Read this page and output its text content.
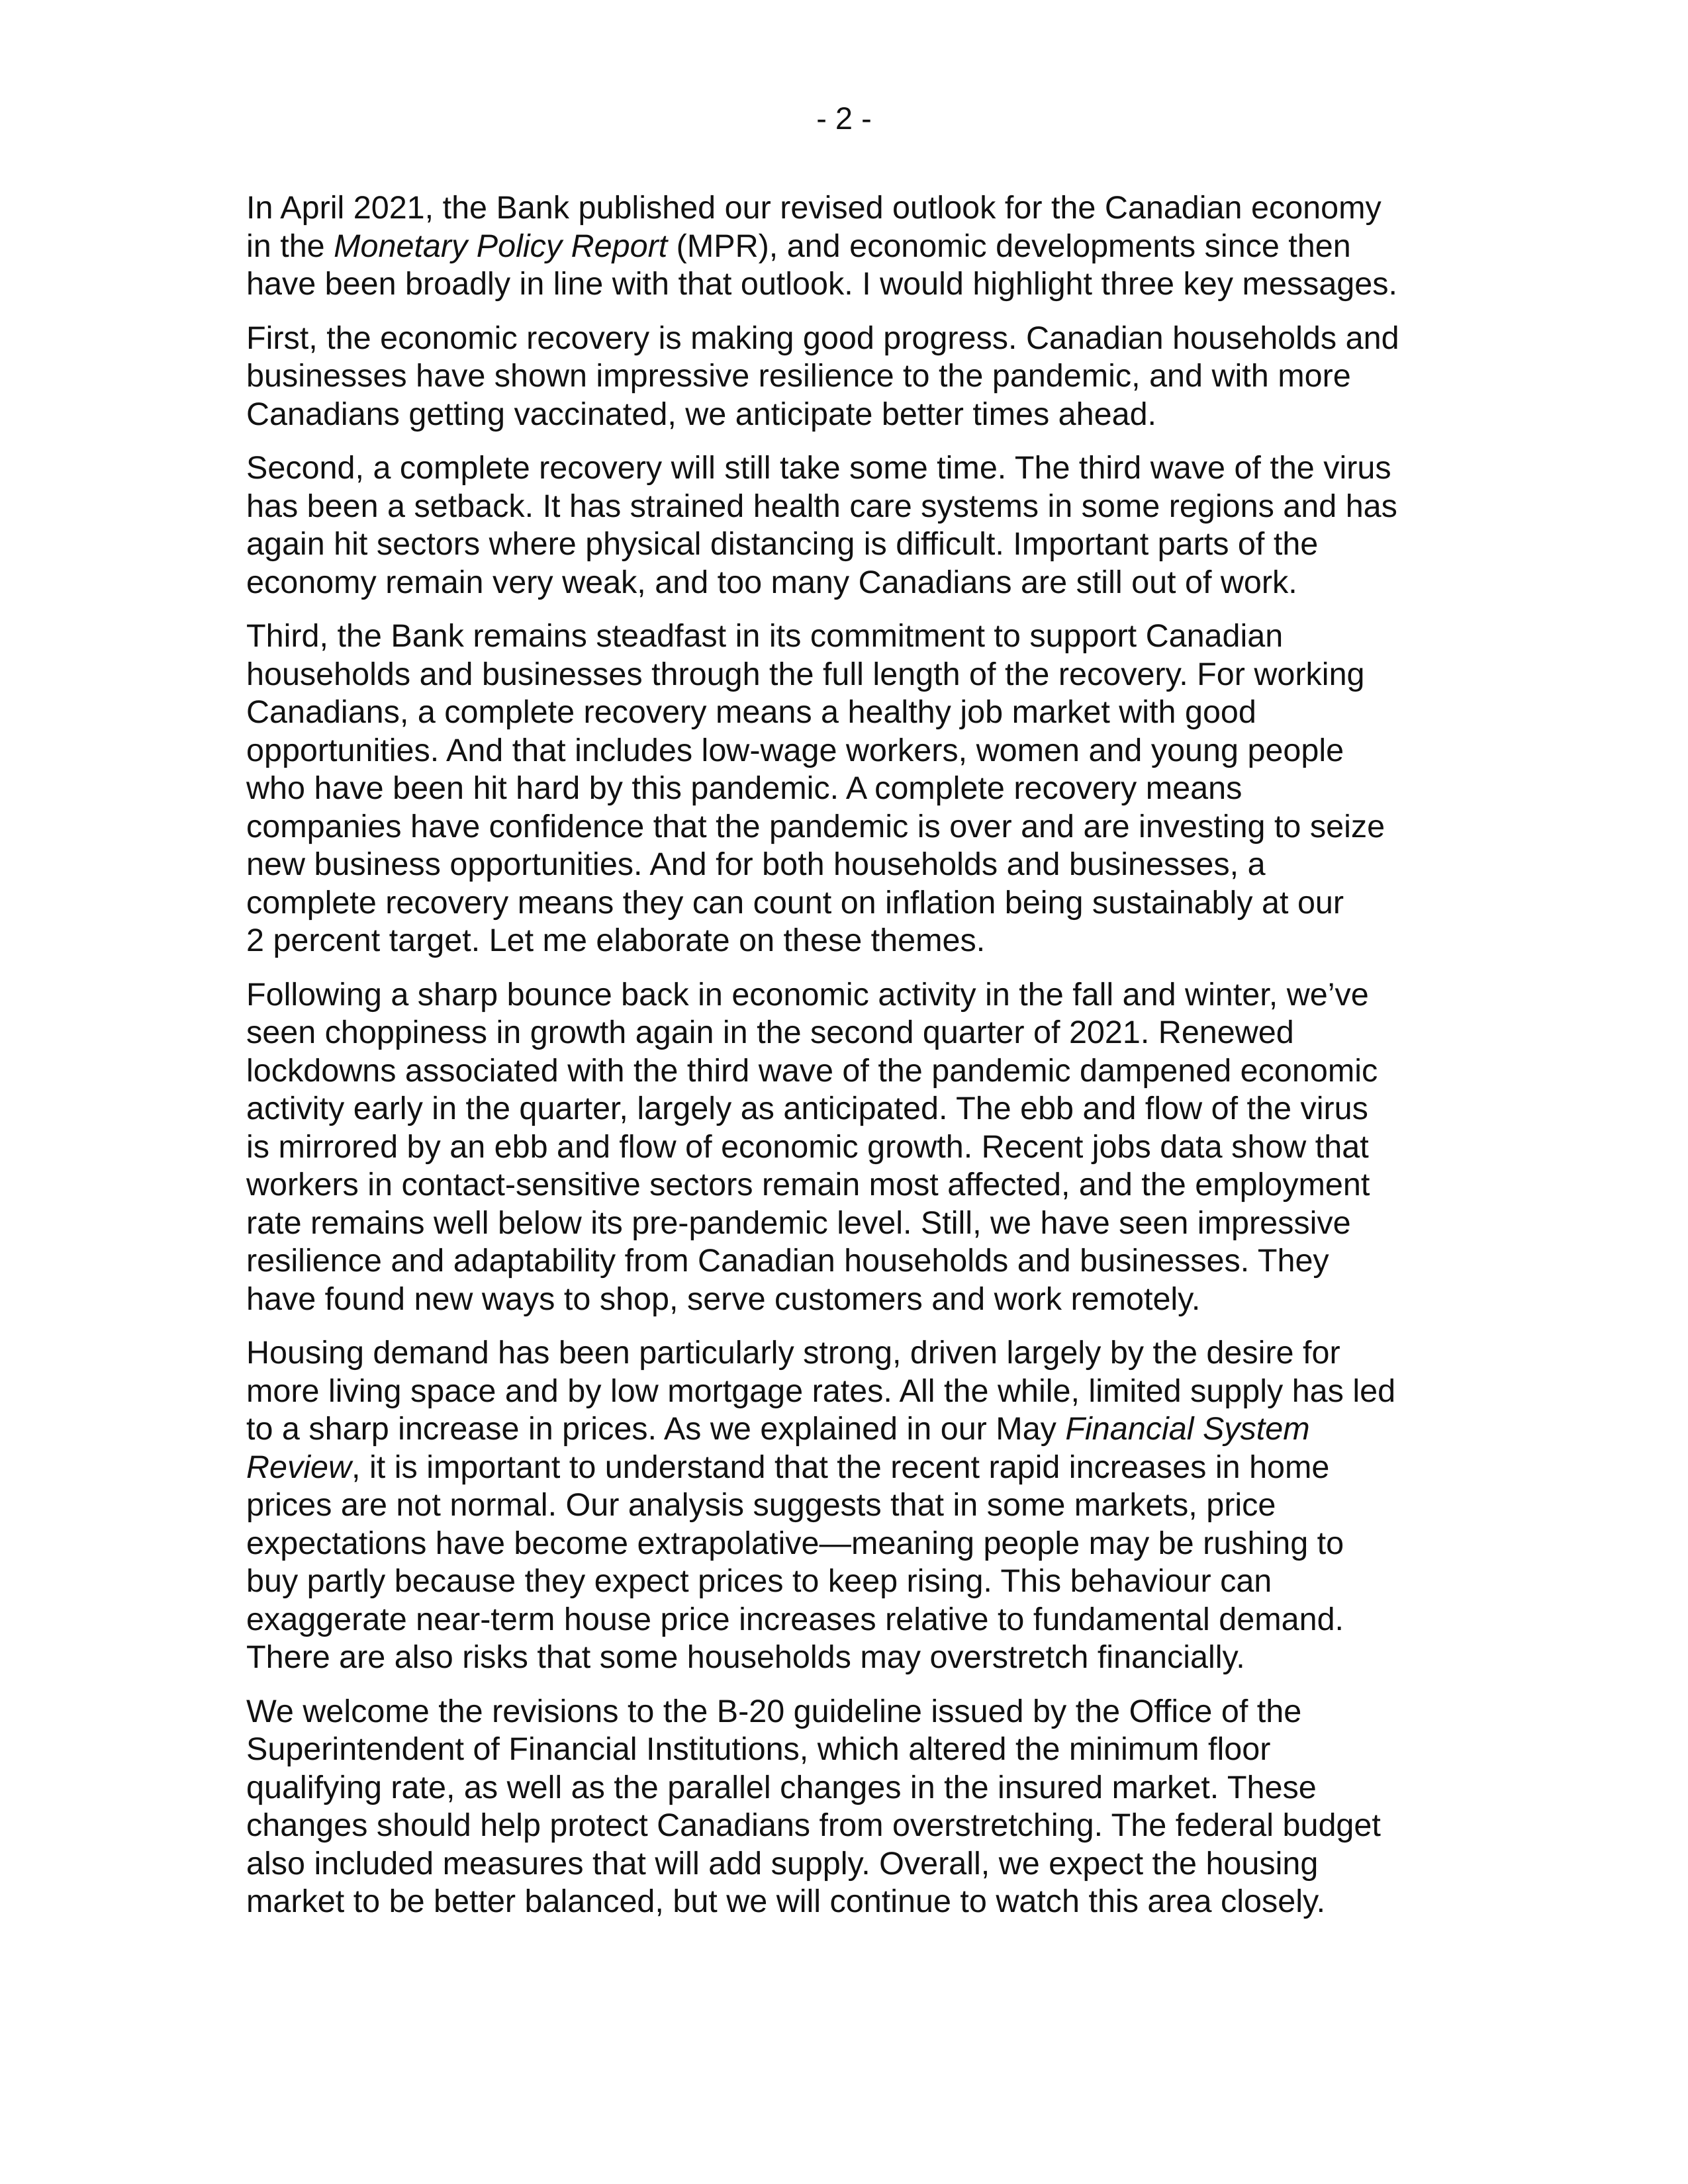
- 2 -

In April 2021, the Bank published our revised outlook for the Canadian economy
in the Monetary Policy Report (MPR), and economic developments since then
have been broadly in line with that outlook. I would highlight three key messages.

First, the economic recovery is making good progress. Canadian households and
businesses have shown impressive resilience to the pandemic, and with more
Canadians getting vaccinated, we anticipate better times ahead.

Second, a complete recovery will still take some time. The third wave of the virus
has been a setback. It has strained health care systems in some regions and has
again hit sectors where physical distancing is difficult. Important parts of the
economy remain very weak, and too many Canadians are still out of work.

Third, the Bank remains steadfast in its commitment to support Canadian
households and businesses through the full length of the recovery. For working
Canadians, a complete recovery means a healthy job market with good
opportunities. And that includes low-wage workers, women and young people
who have been hit hard by this pandemic. A complete recovery means
companies have confidence that the pandemic is over and are investing to seize
new business opportunities. And for both households and businesses, a
complete recovery means they can count on inflation being sustainably at our
2 percent target. Let me elaborate on these themes.

Following a sharp bounce back in economic activity in the fall and winter, we’ve
seen choppiness in growth again in the second quarter of 2021. Renewed
lockdowns associated with the third wave of the pandemic dampened economic
activity early in the quarter, largely as anticipated. The ebb and flow of the virus
is mirrored by an ebb and flow of economic growth. Recent jobs data show that
workers in contact-sensitive sectors remain most affected, and the employment
rate remains well below its pre-pandemic level. Still, we have seen impressive
resilience and adaptability from Canadian households and businesses. They
have found new ways to shop, serve customers and work remotely.

Housing demand has been particularly strong, driven largely by the desire for
more living space and by low mortgage rates. All the while, limited supply has led
to a sharp increase in prices. As we explained in our May Financial System
Review, it is important to understand that the recent rapid increases in home
prices are not normal. Our analysis suggests that in some markets, price
expectations have become extrapolative—meaning people may be rushing to
buy partly because they expect prices to keep rising. This behaviour can
exaggerate near-term house price increases relative to fundamental demand.
There are also risks that some households may overstretch financially.

We welcome the revisions to the B-20 guideline issued by the Office of the
Superintendent of Financial Institutions, which altered the minimum floor
qualifying rate, as well as the parallel changes in the insured market. These
changes should help protect Canadians from overstretching. The federal budget
also included measures that will add supply. Overall, we expect the housing
market to be better balanced, but we will continue to watch this area closely.
